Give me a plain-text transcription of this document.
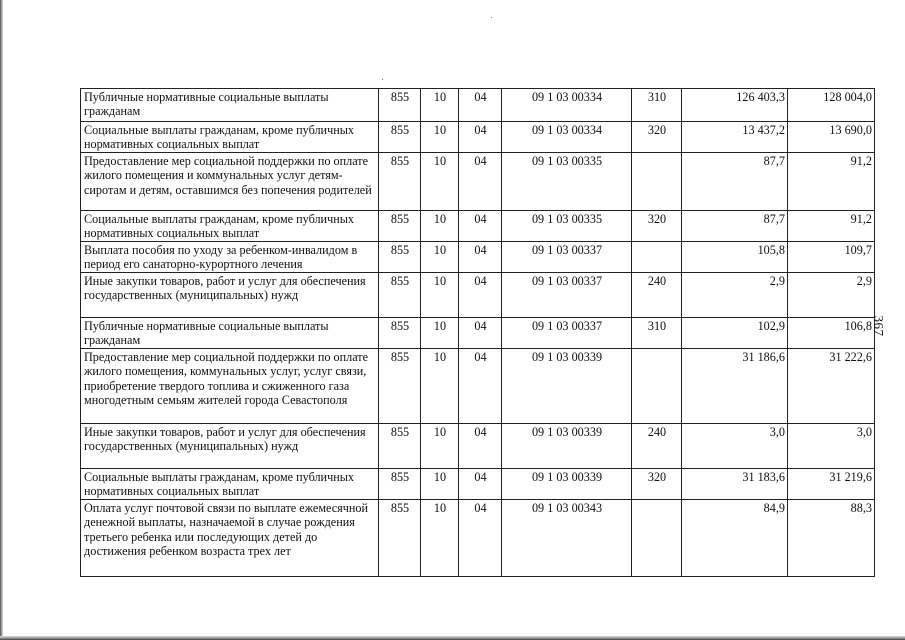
Публичные нормативные социальные выплаты гражданам	855	10	04	09 1 03 00334	310	126 403,3	128 004,0
Социальные выплаты гражданам, кроме публичных нормативных социальных выплат	855	10	04	09 1 03 00334	320	13 437,2	13 690,0
Предоставление мер социальной поддержки по оплате жилого помещения и коммунальных услуг детям-сиротам и детям, оставшимся без попечения родителей	855	10	04	09 1 03 00335		87,7	91,2
Социальные выплаты гражданам, кроме публичных нормативных социальных выплат	855	10	04	09 1 03 00335	320	87,7	91,2
Выплата пособия по уходу за ребенком-инвалидом в период его санаторно-курортного лечения	855	10	04	09 1 03 00337		105,8	109,7
Иные закупки товаров, работ и услуг для обеспечения государственных (муниципальных) нужд	855	10	04	09 1 03 00337	240	2,9	2,9
Публичные нормативные социальные выплаты гражданам	855	10	04	09 1 03 00337	310	102,9	106,8
Предоставление мер социальной поддержки по оплате жилого помещения, коммунальных услуг, услуг связи, приобретение твердого топлива и сжиженного газа многодетным семьям жителей города Севастополя	855	10	04	09 1 03 00339		31 186,6	31 222,6
Иные закупки товаров, работ и услуг для обеспечения государственных (муниципальных) нужд	855	10	04	09 1 03 00339	240	3,0	3,0
Социальные выплаты гражданам, кроме публичных нормативных социальных выплат	855	10	04	09 1 03 00339	320	31 183,6	31 219,6
Оплата услуг почтовой связи по выплате ежемесячной денежной выплаты, назначаемой в случае рождения третьего ребенка или последующих детей до достижения ребенком возраста трех лет	855	10	04	09 1 03 00343		84,9	88,3
367
